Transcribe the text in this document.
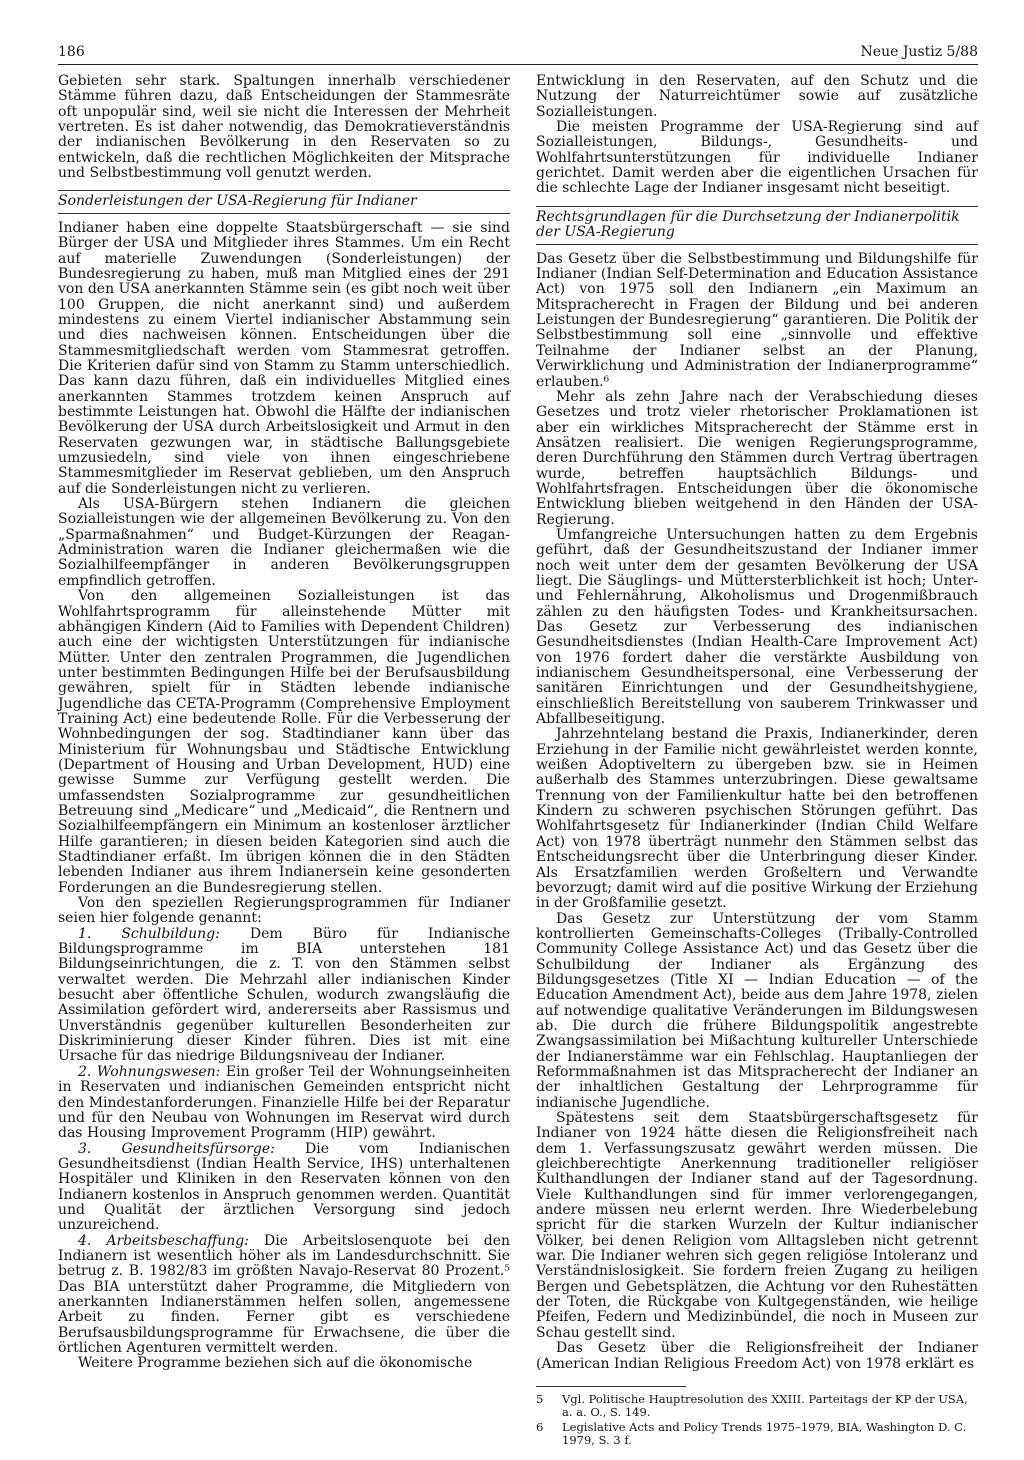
186	Neue Justiz 5/88

Gebieten sehr stark. Spaltungen innerhalb verschiedener Stämme führen dazu, daß Entscheidungen der Stammesräte oft unpopulär sind, weil sie nicht die Interessen der Mehrheit vertreten. Es ist daher notwendig, das Demokratieverständnis der indianischen Bevölkerung in den Reservaten so zu entwickeln, daß die rechtlichen Möglichkeiten der Mitsprache und Selbstbestimmung voll genutzt werden.

Sonderleistungen der USA-Regierung für Indianer

Indianer haben eine doppelte Staatsbürgerschaft — sie sind Bürger der USA und Mitglieder ihres Stammes. Um ein Recht auf materielle Zuwendungen (Sonderleistungen) der Bundesregierung zu haben, muß man Mitglied eines der 291 von den USA anerkannten Stämme sein (es gibt noch weit über 100 Gruppen, die nicht anerkannt sind) und außerdem mindestens zu einem Viertel indianischer Abstammung sein und dies nachweisen können. Entscheidungen über die Stammesmitgliedschaft werden vom Stammesrat getroffen. Die Kriterien dafür sind von Stamm zu Stamm unterschiedlich. Das kann dazu führen, daß ein individuelles Mitglied eines anerkannten Stammes trotzdem keinen Anspruch auf bestimmte Leistungen hat. Obwohl die Hälfte der indianischen Bevölkerung der USA durch Arbeitslosigkeit und Armut in den Reservaten gezwungen war, in städtische Ballungsgebiete umzusiedeln, sind viele von ihnen eingeschriebene Stammesmitglieder im Reservat geblieben, um den Anspruch auf die Sonderleistungen nicht zu verlieren.

Als USA-Bürgern stehen Indianern die gleichen Sozialleistungen wie der allgemeinen Bevölkerung zu. Von den „Sparmaßnahmen“ und Budget-Kürzungen der Reagan-Administration waren die Indianer gleichermaßen wie die Sozialhilfeempfänger in anderen Bevölkerungsgruppen empfindlich getroffen.

Von den allgemeinen Sozialleistungen ist das Wohlfahrtsprogramm für alleinstehende Mütter mit abhängigen Kindern (Aid to Families with Dependent Children) auch eine der wichtigsten Unterstützungen für indianische Mütter. Unter den zentralen Programmen, die Jugendlichen unter bestimmten Bedingungen Hilfe bei der Berufsausbildung gewähren, spielt für in Städten lebende indianische Jugendliche das CETA-Programm (Comprehensive Employment Training Act) eine bedeutende Rolle. Für die Verbesserung der Wohnbedingungen der sog. Stadtindianer kann über das Ministerium für Wohnungsbau und Städtische Entwicklung (Department of Housing and Urban Development, HUD) eine gewisse Summe zur Verfügung gestellt werden. Die umfassendsten Sozialprogramme zur gesundheitlichen Betreuung sind „Medicare“ und „Medicaid“, die Rentnern und Sozialhilfeempfängern ein Minimum an kostenloser ärztlicher Hilfe garantieren; in diesen beiden Kategorien sind auch die Stadtindianer erfaßt. Im übrigen können die in den Städten lebenden Indianer aus ihrem Indianersein keine gesonderten Forderungen an die Bundesregierung stellen.

Von den speziellen Regierungsprogrammen für Indianer seien hier folgende genannt:

1. Schulbildung: Dem Büro für Indianische Bildungsprogramme im BIA unterstehen 181 Bildungseinrichtungen, die z. T. von den Stämmen selbst verwaltet werden. Die Mehrzahl aller indianischen Kinder besucht aber öffentliche Schulen, wodurch zwangsläufig die Assimilation gefördert wird, andererseits aber Rassismus und Unverständnis gegenüber kulturellen Besonderheiten zur Diskriminierung dieser Kinder führen. Dies ist mit eine Ursache für das niedrige Bildungsniveau der Indianer.

2. Wohnungswesen: Ein großer Teil der Wohnungseinheiten in Reservaten und indianischen Gemeinden entspricht nicht den Mindestanforderungen. Finanzielle Hilfe bei der Reparatur und für den Neubau von Wohnungen im Reservat wird durch das Housing Improvement Programm (HIP) gewährt.

3. Gesundheitsfürsorge: Die vom Indianischen Gesundheitsdienst (Indian Health Service, IHS) unterhaltenen Hospitäler und Kliniken in den Reservaten können von den Indianern kostenlos in Anspruch genommen werden. Quantität und Qualität der ärztlichen Versorgung sind jedoch unzureichend.

4. Arbeitsbeschaffung: Die Arbeitslosenquote bei den Indianern ist wesentlich höher als im Landesdurchschnitt. Sie betrug z. B. 1982/83 im größten Navajo-Reservat 80 Prozent.⁵ Das BIA unterstützt daher Programme, die Mitgliedern von anerkannten Indianerstämmen helfen sollen, angemessene Arbeit zu finden. Ferner gibt es verschiedene Berufsausbildungsprogramme für Erwachsene, die über die örtlichen Agenturen vermittelt werden.

Weitere Programme beziehen sich auf die ökonomische

Entwicklung in den Reservaten, auf den Schutz und die Nutzung der Naturreichtümer sowie auf zusätzliche Sozialleistungen.

Die meisten Programme der USA-Regierung sind auf Sozialleistungen, Bildungs-, Gesundheits- und Wohlfahrtsunterstützungen für individuelle Indianer gerichtet. Damit werden aber die eigentlichen Ursachen für die schlechte Lage der Indianer insgesamt nicht beseitigt.

Rechtsgrundlagen für die Durchsetzung der Indianerpolitik der USA-Regierung

Das Gesetz über die Selbstbestimmung und Bildungshilfe für Indianer (Indian Self-Determination and Education Assistance Act) von 1975 soll den Indianern „ein Maximum an Mitspracherecht in Fragen der Bildung und bei anderen Leistungen der Bundesregierung“ garantieren. Die Politik der Selbstbestimmung soll eine „sinnvolle und effektive Teilnahme der Indianer selbst an der Planung, Verwirklichung und Administration der Indianerprogramme“ erlauben.⁶

Mehr als zehn Jahre nach der Verabschiedung dieses Gesetzes und trotz vieler rhetorischer Proklamationen ist aber ein wirkliches Mitspracherecht der Stämme erst in Ansätzen realisiert. Die wenigen Regierungsprogramme, deren Durchführung den Stämmen durch Vertrag übertragen wurde, betreffen hauptsächlich Bildungs- und Wohlfahrtsfragen. Entscheidungen über die ökonomische Entwicklung blieben weitgehend in den Händen der USA-Regierung.

Umfangreiche Untersuchungen hatten zu dem Ergebnis geführt, daß der Gesundheitszustand der Indianer immer noch weit unter dem der gesamten Bevölkerung der USA liegt. Die Säuglings- und Müttersterblichkeit ist hoch; Unter- und Fehlernährung, Alkoholismus und Drogenmißbrauch zählen zu den häufigsten Todes- und Krankheitsursachen. Das Gesetz zur Verbesserung des indianischen Gesundheitsdienstes (Indian Health-Care Improvement Act) von 1976 fordert daher die verstärkte Ausbildung von indianischem Gesundheitspersonal, eine Verbesserung der sanitären Einrichtungen und der Gesundheitshygiene, einschließlich Bereitstellung von sauberem Trinkwasser und Abfallbeseitigung.

Jahrzehntelang bestand die Praxis, Indianerkinder, deren Erziehung in der Familie nicht gewährleistet werden konnte, weißen Adoptiveltern zu übergeben bzw. sie in Heimen außerhalb des Stammes unterzubringen. Diese gewaltsame Trennung von der Familienkultur hatte bei den betroffenen Kindern zu schweren psychischen Störungen geführt. Das Wohlfahrtsgesetz für Indianerkinder (Indian Child Welfare Act) von 1978 überträgt nunmehr den Stämmen selbst das Entscheidungsrecht über die Unterbringung dieser Kinder. Als Ersatzfamilien werden Großeltern und Verwandte bevorzugt; damit wird auf die positive Wirkung der Erziehung in der Großfamilie gesetzt.

Das Gesetz zur Unterstützung der vom Stamm kontrollierten Gemeinschafts-Colleges (Tribally-Controlled Community College Assistance Act) und das Gesetz über die Schulbildung der Indianer als Ergänzung des Bildungsgesetzes (Title XI — Indian Education — of the Education Amendment Act), beide aus dem Jahre 1978, zielen auf notwendige qualitative Veränderungen im Bildungswesen ab. Die durch die frühere Bildungspolitik angestrebte Zwangsassimilation bei Mißachtung kultureller Unterschiede der Indianerstämme war ein Fehlschlag. Hauptanliegen der Reformmaßnahmen ist das Mitspracherecht der Indianer an der inhaltlichen Gestaltung der Lehrprogramme für indianische Jugendliche.

Spätestens seit dem Staatsbürgerschaftsgesetz für Indianer von 1924 hätte diesen die Religionsfreiheit nach dem 1. Verfassungszusatz gewährt werden müssen. Die gleichberechtigte Anerkennung traditioneller religiöser Kulthandlungen der Indianer stand auf der Tagesordnung. Viele Kulthandlungen sind für immer verlorengegangen, andere müssen neu erlernt werden. Ihre Wiederbelebung spricht für die starken Wurzeln der Kultur indianischer Völker, bei denen Religion vom Alltagsleben nicht getrennt war. Die Indianer wehren sich gegen religiöse Intoleranz und Verständnislosigkeit. Sie fordern freien Zugang zu heiligen Bergen und Gebetsplätzen, die Achtung vor den Ruhestätten der Toten, die Rückgabe von Kultgegenständen, wie heilige Pfeifen, Federn und Medizinbündel, die noch in Museen zur Schau gestellt sind.

Das Gesetz über die Religionsfreiheit der Indianer (American Indian Religious Freedom Act) von 1978 erklärt es

5	Vgl. Politische Hauptresolution des XXIII. Parteitags der KP der USA, a. a. O., S. 149.
6	Legislative Acts and Policy Trends 1975–1979, BIA, Washington D. C. 1979, S. 3 f.
